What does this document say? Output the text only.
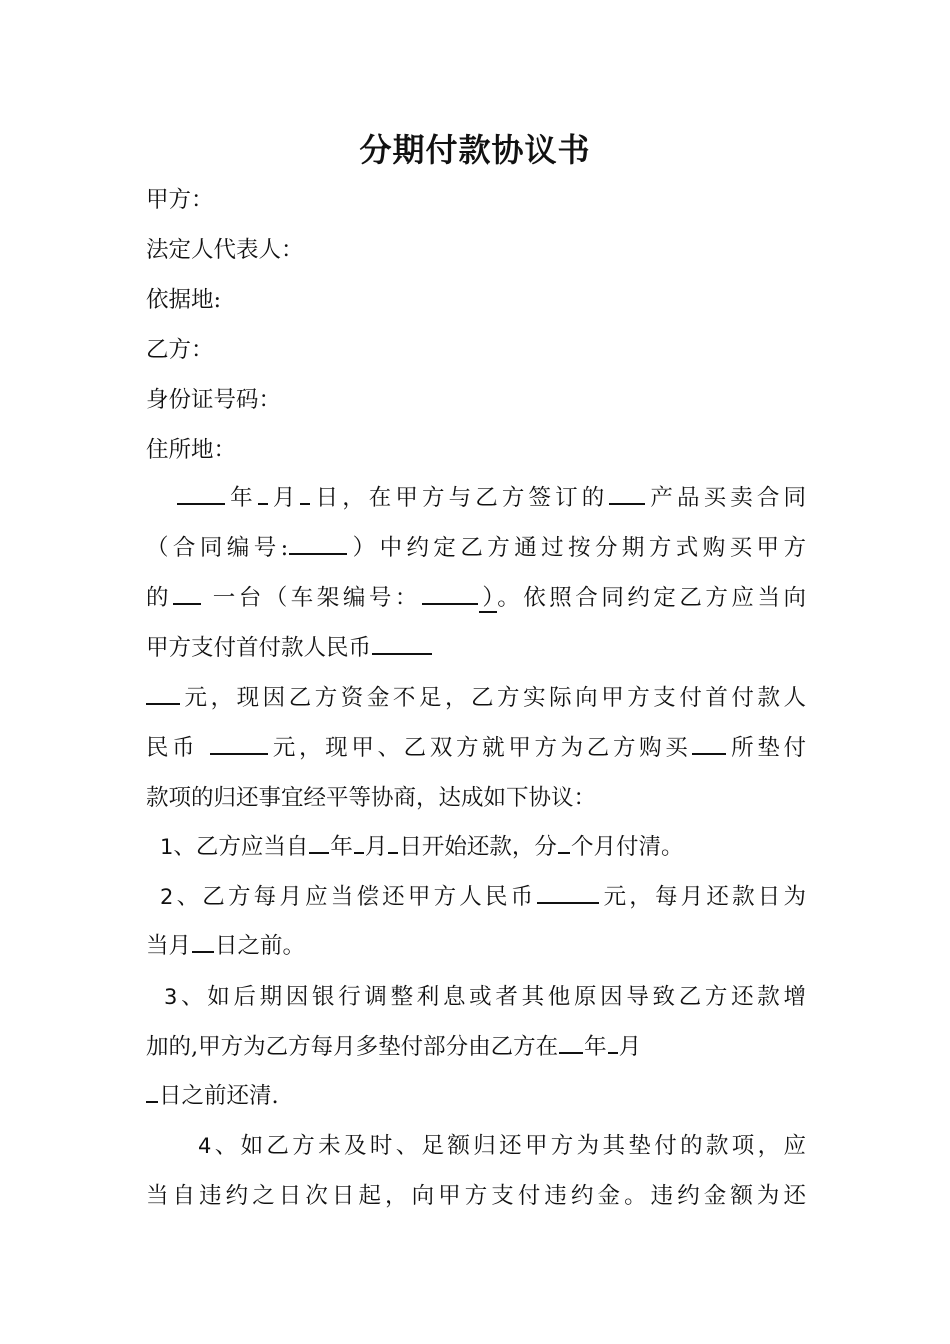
分期付款协议书
甲方：
法定人代表人：
依据地:
乙方：
身份证号码：
住所地：
年 月 日，在甲方与乙方签订的 产品买卖合同
（合同编号:	）中约定乙方通过按分期方式购买甲方
的 一台（车架编号：	）。依照合同约定乙方应当向
甲方支付首付款人民币
元，现因乙方资金不足，乙方实际向甲方支付首付款人
民币	元，现甲、乙双方就甲方为乙方购买 所垫付
款项的归还事宜经平等协商，达成如下协议：
1、乙方应当自 年 月 日开始还款，分 个月付清。
2、乙方每月应当偿还甲方人民币	元，每月还款日为
当月 日之前。
3、如后期因银行调整利息或者其他原因导致乙方还款增
加的,甲方为乙方每月多垫付部分由乙方在 年 月
日之前还清.
4、如乙方未及时、足额归还甲方为其垫付的款项，应
当自违约之日次日起，向甲方支付违约金。违约金额为还
